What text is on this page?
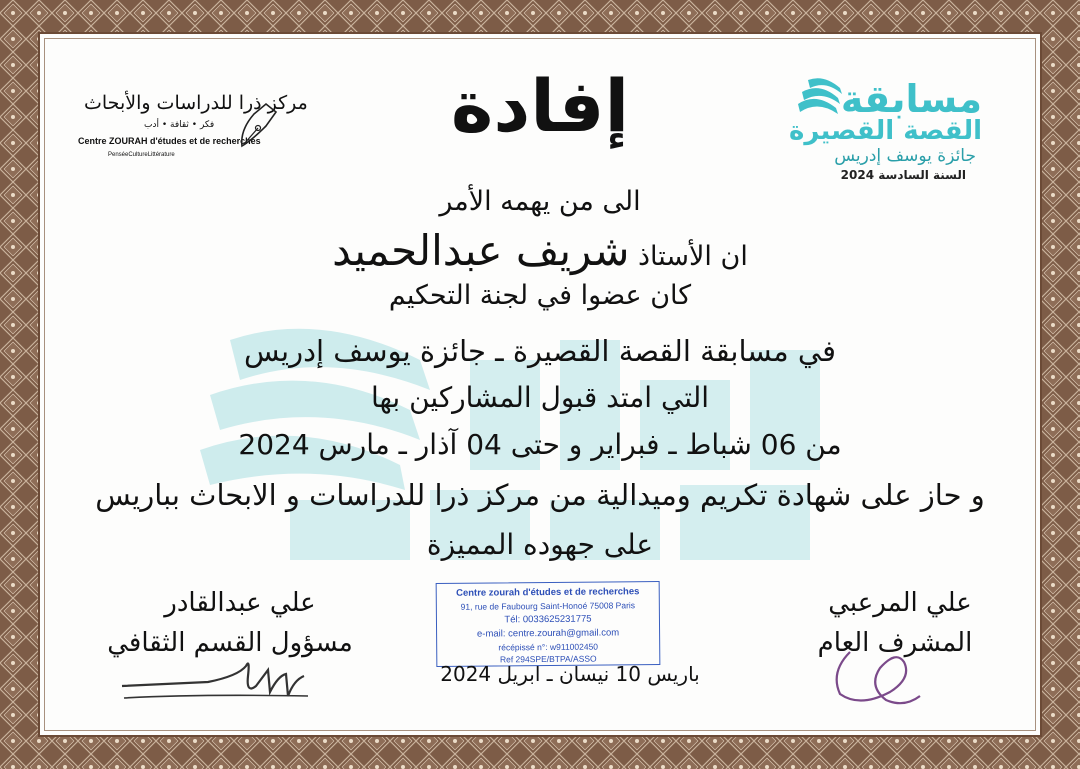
إفادة	مسابقة
القصة القصيرة
جائزة يوسف إدريس
السنة السادسة 2024
مركز ذرا للدراسات والأبحاث
فكر • ثقافة • أدب
Centre ZOURAH d'études et de recherches
PenséeCultureLittérature
الى من يهمه الأمر
ان الأستاذ شريف عبدالحميد
كان عضوا في لجنة التحكيم
في مسابقة القصة القصيرة ـ جائزة يوسف إدريس
التي امتد قبول المشاركين بها
من 06 شباط ـ فبراير و حتى 04 آذار ـ مارس 2024
و حاز على شهادة تكريم وميدالية من مركز ذرا للدراسات و الابحاث بباريس
على جهوده المميزة
علي عبدالقادر
مسؤول القسم الثقافي
علي المرعبي
المشرف العام
Centre zourah d'études et de recherches
91, rue de Faubourg Saint-Honoé 75008 Paris
Tél: 0033625231775
e-mail: centre.zourah@gmail.com
récépissé n°: w911002450
Ref 294SPE/BTPA/ASSO
باريس 10 نيسان ـ ابريل 2024
